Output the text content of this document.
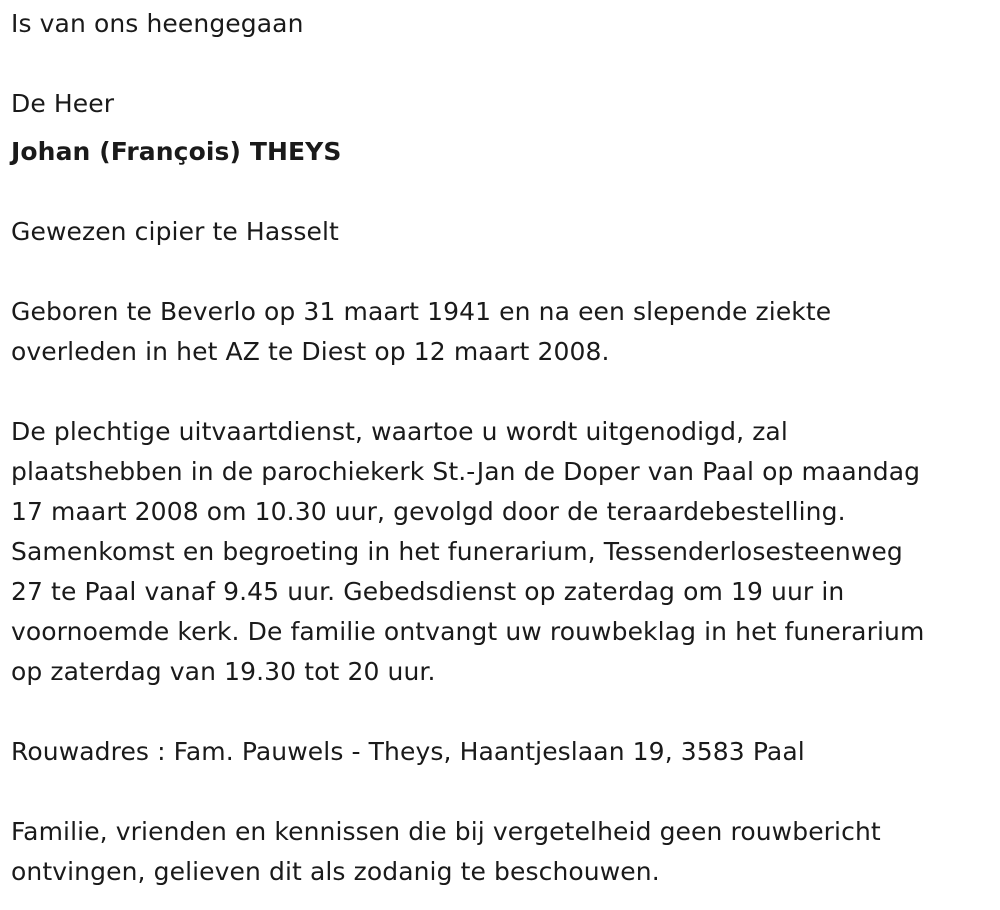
Is van ons heengegaan

De Heer

Johan (François) THEYS

Gewezen cipier te Hasselt

Geboren te Beverlo op 31 maart 1941 en na een slepende ziekte

overleden in het AZ te Diest op 12 maart 2008.

De plechtige uitvaartdienst, waartoe u wordt uitgenodigd, zal

plaatshebben in de parochiekerk St.-Jan de Doper van Paal op maandag

17 maart 2008 om 10.30 uur, gevolgd door de teraardebestelling.

Samenkomst en begroeting in het funerarium, Tessenderlosesteenweg

27 te Paal vanaf 9.45 uur. Gebedsdienst op zaterdag om 19 uur in

voornoemde kerk. De familie ontvangt uw rouwbeklag in het funerarium

op zaterdag van 19.30 tot 20 uur.

Rouwadres : Fam. Pauwels - Theys, Haantjeslaan 19, 3583 Paal

Familie, vrienden en kennissen die bij vergetelheid geen rouwbericht

ontvingen, gelieven dit als zodanig te beschouwen.
